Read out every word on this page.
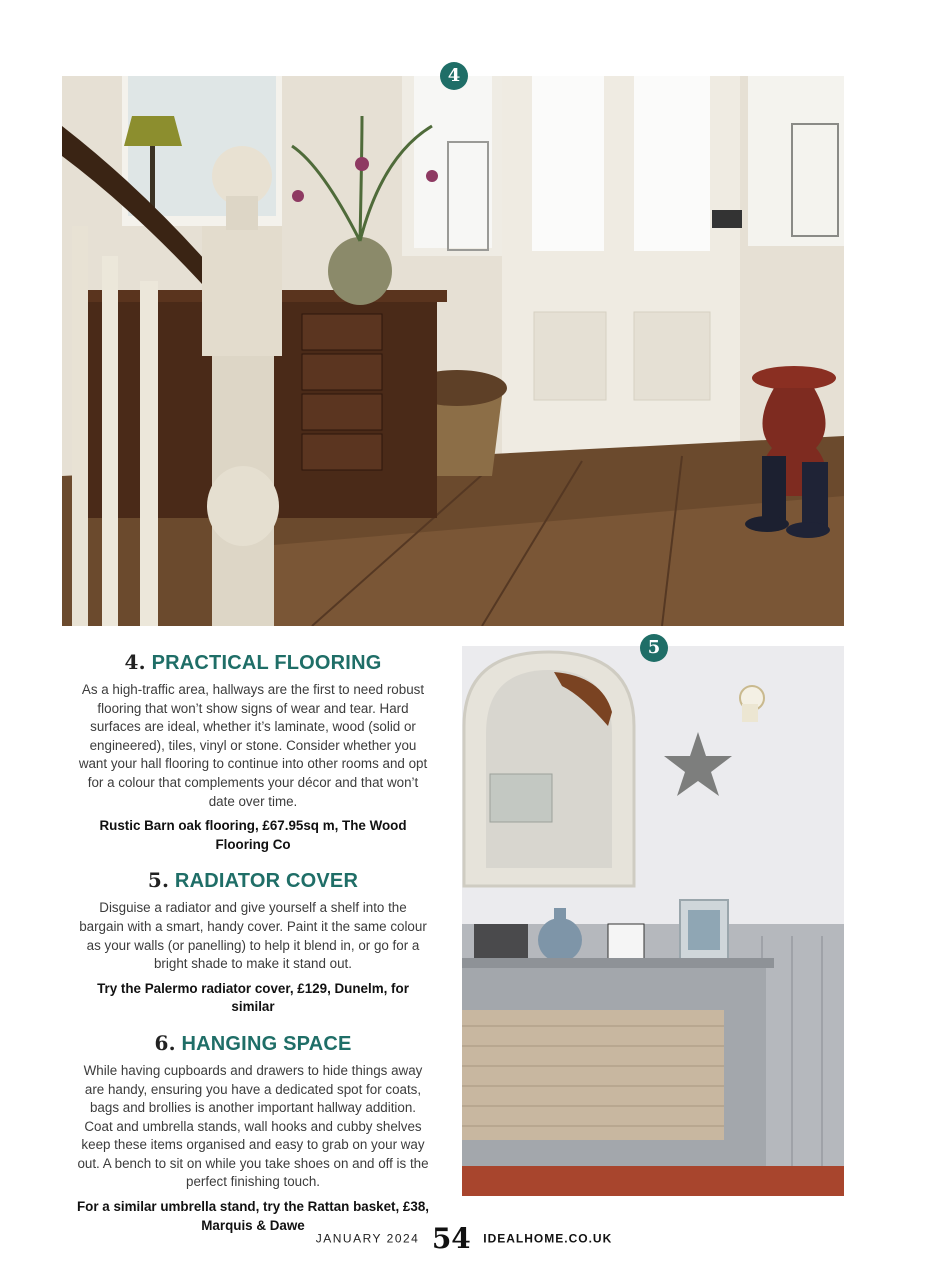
4
4. PRACTICAL FLOORING

As a high-traffic area, hallways are the first to need robust flooring that won’t show signs of wear and tear. Hard surfaces are ideal, whether it’s laminate, wood (solid or engineered), tiles, vinyl or stone. Consider whether you want your hall flooring to continue into other rooms and opt for a colour that complements your décor and that won’t date over time.

Rustic Barn oak flooring, £67.95sq m, The Wood Flooring Co

5. RADIATOR COVER

Disguise a radiator and give yourself a shelf into the bargain with a smart, handy cover. Paint it the same colour as your walls (or panelling) to help it blend in, or go for a bright shade to make it stand out.

Try the Palermo radiator cover, £129, Dunelm, for similar

6. HANGING SPACE

While having cupboards and drawers to hide things away are handy, ensuring you have a dedicated spot for coats, bags and brollies is another important hallway addition. Coat and umbrella stands, wall hooks and cubby shelves keep these items organised and easy to grab on your way out. A bench to sit on while you take shoes on and off is the perfect finishing touch.

For a similar umbrella stand, try the Rattan basket, £38, Marquis & Dawe

5
JANUARY 2024 54 IDEALHOME.CO.UK
